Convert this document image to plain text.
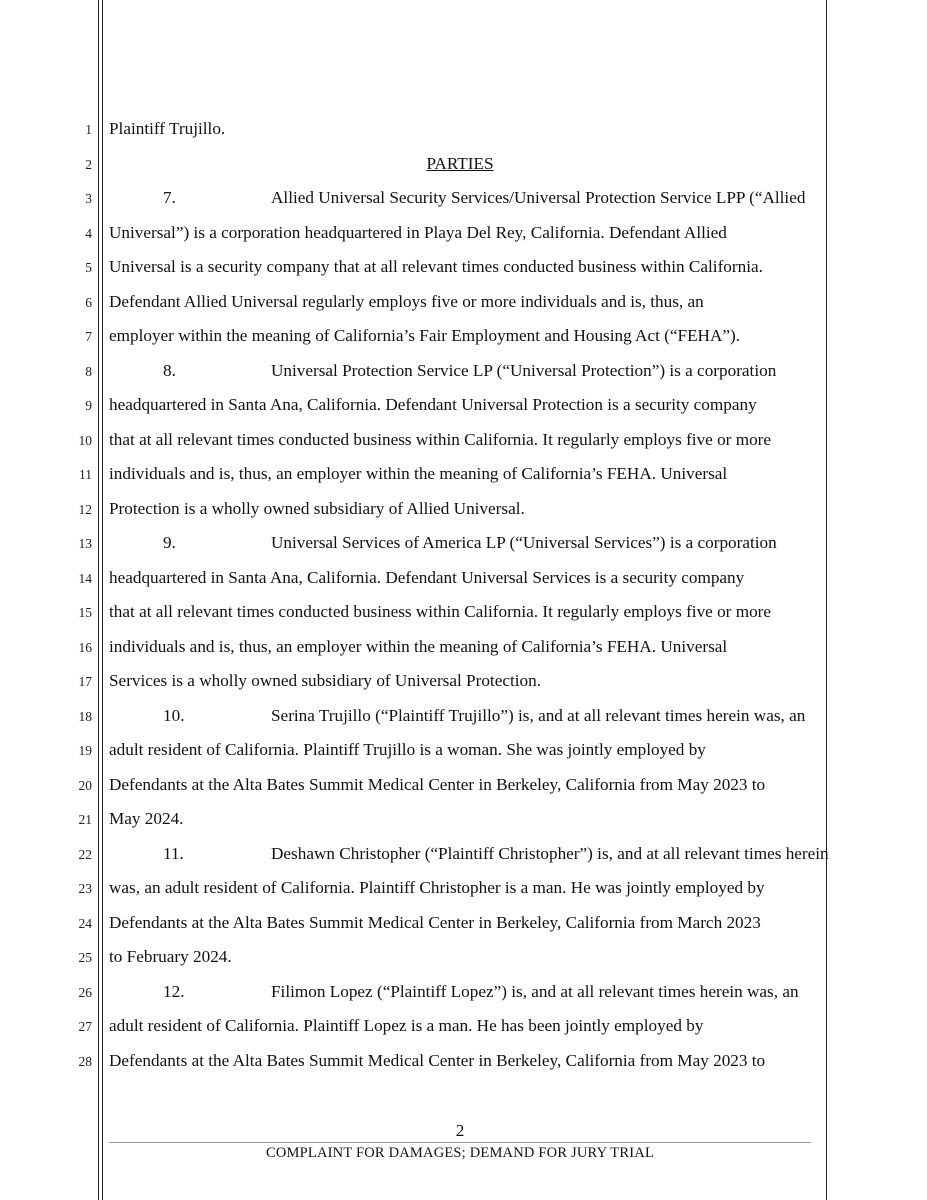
1
2
3
4
5
6
7
8
9
10
11
12
13
14
15
16
17
18
19
20
21
22
23
24
25
26
27
28
Plaintiff Trujillo.
PARTIES
7.	Allied Universal Security Services/Universal Protection Service LPP (“Allied
Universal”) is a corporation headquartered in Playa Del Rey, California. Defendant Allied
Universal is a security company that at all relevant times conducted business within California.
Defendant Allied Universal regularly employs five or more individuals and is, thus, an
employer within the meaning of California’s Fair Employment and Housing Act (“FEHA”).
8.	Universal Protection Service LP (“Universal Protection”) is a corporation
headquartered in Santa Ana, California. Defendant Universal Protection is a security company
that at all relevant times conducted business within California. It regularly employs five or more
individuals and is, thus, an employer within the meaning of California’s FEHA. Universal
Protection is a wholly owned subsidiary of Allied Universal.
9.	Universal Services of America LP (“Universal Services”) is a corporation
headquartered in Santa Ana, California. Defendant Universal Services is a security company
that at all relevant times conducted business within California. It regularly employs five or more
individuals and is, thus, an employer within the meaning of California’s FEHA. Universal
Services is a wholly owned subsidiary of Universal Protection.
10.	Serina Trujillo (“Plaintiff Trujillo”) is, and at all relevant times herein was, an
adult resident of California. Plaintiff Trujillo is a woman. She was jointly employed by
Defendants at the Alta Bates Summit Medical Center in Berkeley, California from May 2023 to
May 2024.
11.	Deshawn Christopher (“Plaintiff Christopher”) is, and at all relevant times herein
was, an adult resident of California. Plaintiff Christopher is a man. He was jointly employed by
Defendants at the Alta Bates Summit Medical Center in Berkeley, California from March 2023
to February 2024.
12.	Filimon Lopez (“Plaintiff Lopez”) is, and at all relevant times herein was, an
adult resident of California. Plaintiff Lopez is a man. He has been jointly employed by
Defendants at the Alta Bates Summit Medical Center in Berkeley, California from May 2023 to
2
COMPLAINT FOR DAMAGES; DEMAND FOR JURY TRIAL
